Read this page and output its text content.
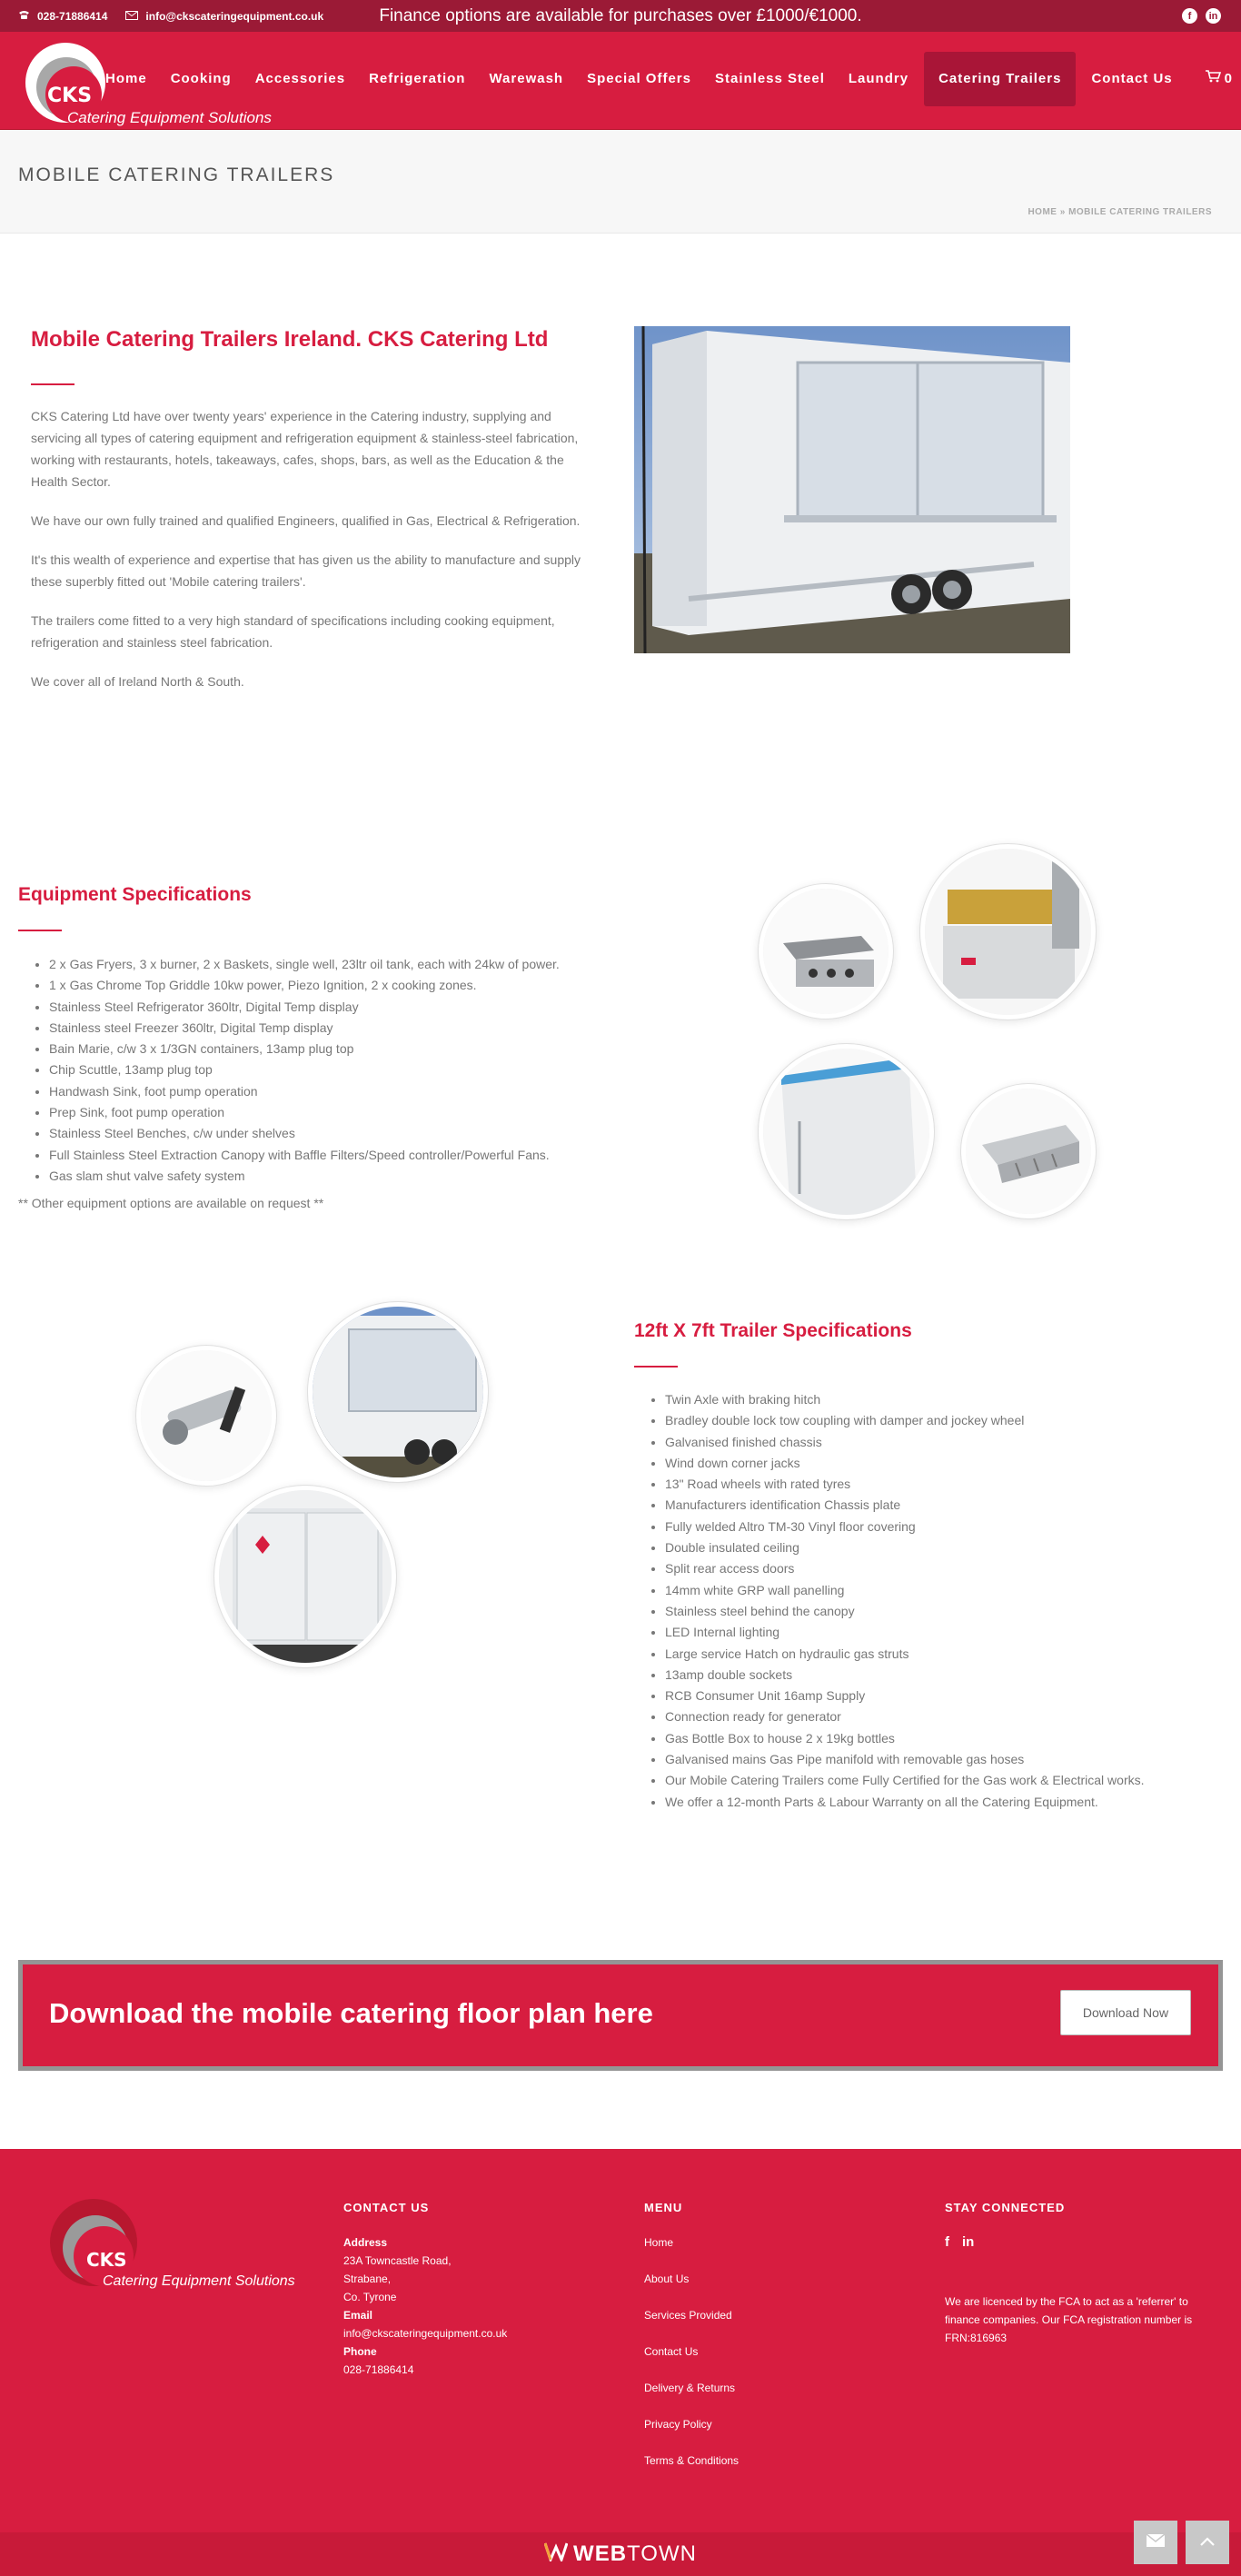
028-71886414	info@ckscateringequipment.co.uk	Finance options are available for purchases over £1000/€1000.	f	in
CKS
Catering Equipment Solutions
Home	Cooking	Accessories	Refrigeration	Warewash	Special Offers	Stainless Steel	Laundry	Catering Trailers	Contact Us	0
MOBILE CATERING TRAILERS
HOME » MOBILE CATERING TRAILERS
Mobile Catering Trailers Ireland. CKS Catering Ltd

CKS Catering Ltd have over twenty years' experience in the Catering industry, supplying and servicing all types of catering equipment and refrigeration equipment & stainless-steel fabrication, working with restaurants, hotels, takeaways, cafes, shops, bars, as well as the Education & the Health Sector.

We have our own fully trained and qualified Engineers, qualified in Gas, Electrical & Refrigeration.

It's this wealth of experience and expertise that has given us the ability to manufacture and supply these superbly fitted out 'Mobile catering trailers'.

The trailers come fitted to a very high standard of specifications including cooking equipment, refrigeration and stainless steel fabrication.

We cover all of Ireland North & South.

Equipment Specifications
• 2 x Gas Fryers, 3 x burner, 2 x Baskets, single well, 23ltr oil tank, each with 24kw of power.
• 1 x Gas Chrome Top Griddle 10kw power, Piezo Ignition, 2 x cooking zones.
• Stainless Steel Refrigerator 360ltr, Digital Temp display
• Stainless steel Freezer 360ltr, Digital Temp display
• Bain Marie, c/w 3 x 1/3GN containers, 13amp plug top
• Chip Scuttle, 13amp plug top
• Handwash Sink, foot pump operation
• Prep Sink, foot pump operation
• Stainless Steel Benches, c/w under shelves
• Full Stainless Steel Extraction Canopy with Baffle Filters/Speed controller/Powerful Fans.
• Gas slam shut valve safety system

** Other equipment options are available on request **

12ft X 7ft Trailer Specifications
• Twin Axle with braking hitch
• Bradley double lock tow coupling with damper and jockey wheel
• Galvanised finished chassis
• Wind down corner jacks
• 13" Road wheels with rated tyres
• Manufacturers identification Chassis plate
• Fully welded Altro TM-30 Vinyl floor covering
• Double insulated ceiling
• Split rear access doors
• 14mm white GRP wall panelling
• Stainless steel behind the canopy
• LED Internal lighting
• Large service Hatch on hydraulic gas struts
• 13amp double sockets
• RCB Consumer Unit 16amp Supply
• Connection ready for generator
• Gas Bottle Box to house 2 x 19kg bottles
• Galvanised mains Gas Pipe manifold with removable gas hoses
• Our Mobile Catering Trailers come Fully Certified for the Gas work & Electrical works.
• We offer a 12-month Parts & Labour Warranty on all the Catering Equipment.
Download the mobile catering floor plan here	Download Now
CKS
Catering Equipment Solutions
CONTACT US
Address
23A Towncastle Road,
Strabane,
Co. Tyrone
Email
info@ckscateringequipment.co.uk
Phone
028-71886414
MENU
Home
About Us
Services Provided
Contact Us
Delivery & Returns
Privacy Policy
Terms & Conditions
STAY CONNECTED
f in

We are licenced by the FCA to act as a 'referrer' to finance companies. Our FCA registration number is FRN:816963

WEB TOWN
